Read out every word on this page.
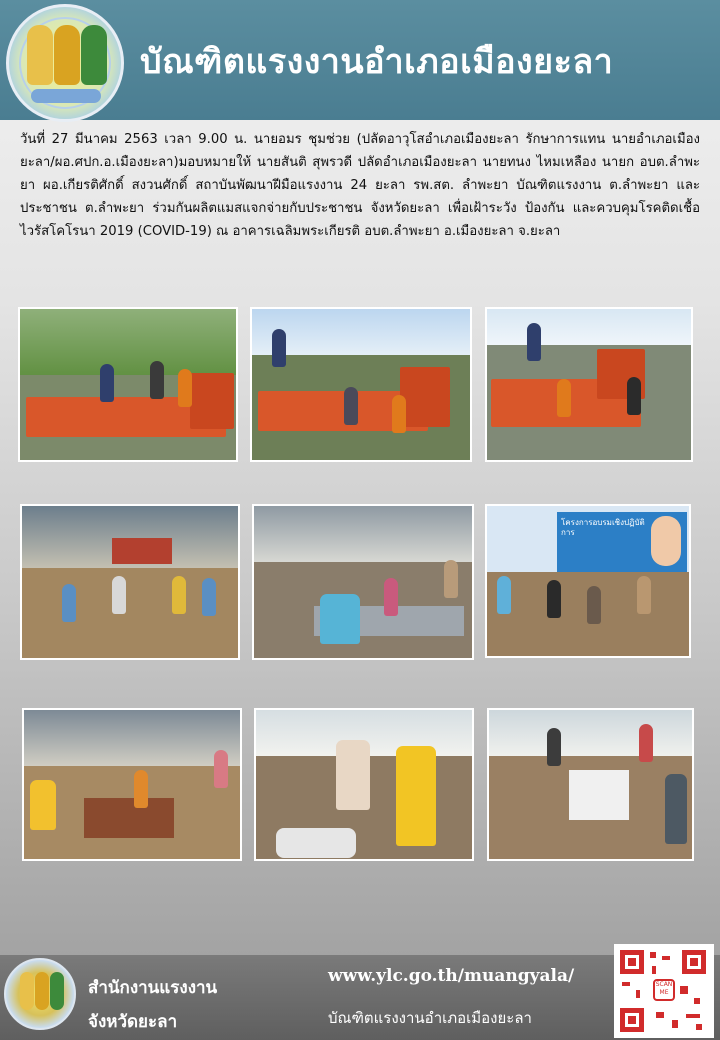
บัณฑิตแรงงานอำเภอเมืองยะลา
วันที่ 27 มีนาคม 2563 เวลา 9.00 น. นายอมร ชุมช่วย (ปลัดอาวุโสอำเภอเมืองยะลา รักษาการแทน นายอำเภอเมืองยะลา/ผอ.ศปก.อ.เมืองยะลา)มอบหมายให้ นายสันติ สุพรวดี ปลัดอำเภอเมืองยะลา นายทนง ไหมเหลือง นายก อบต.ลำพะยา ผอ.เกียรติศักดิ์ สงวนศักดิ์ สถาบันพัฒนาฝีมือแรงงาน 24 ยะลา รพ.สต. ลำพะยา บัณฑิตแรงงาน ต.ลำพะยา และประชาชน ต.ลำพะยา ร่วมกันผลิตแมสแจกจ่ายกับประชาชน จังหวัดยะลา เพื่อเฝ้าระวัง ป้องกัน และควบคุมโรคติดเชื้อไวรัสโคโรนา 2019 (COVID-19) ณ อาคารเฉลิมพระเกียรติ อบต.ลำพะยา อ.เมืองยะลา จ.ยะลา
โครงการอบรมเชิงปฏิบัติการ
สำนักงานแรงงาน
จังหวัดยะลา
www.ylc.go.th/muangyala/
บัณฑิตแรงงานอำเภอเมืองยะลา
SCAN ME
